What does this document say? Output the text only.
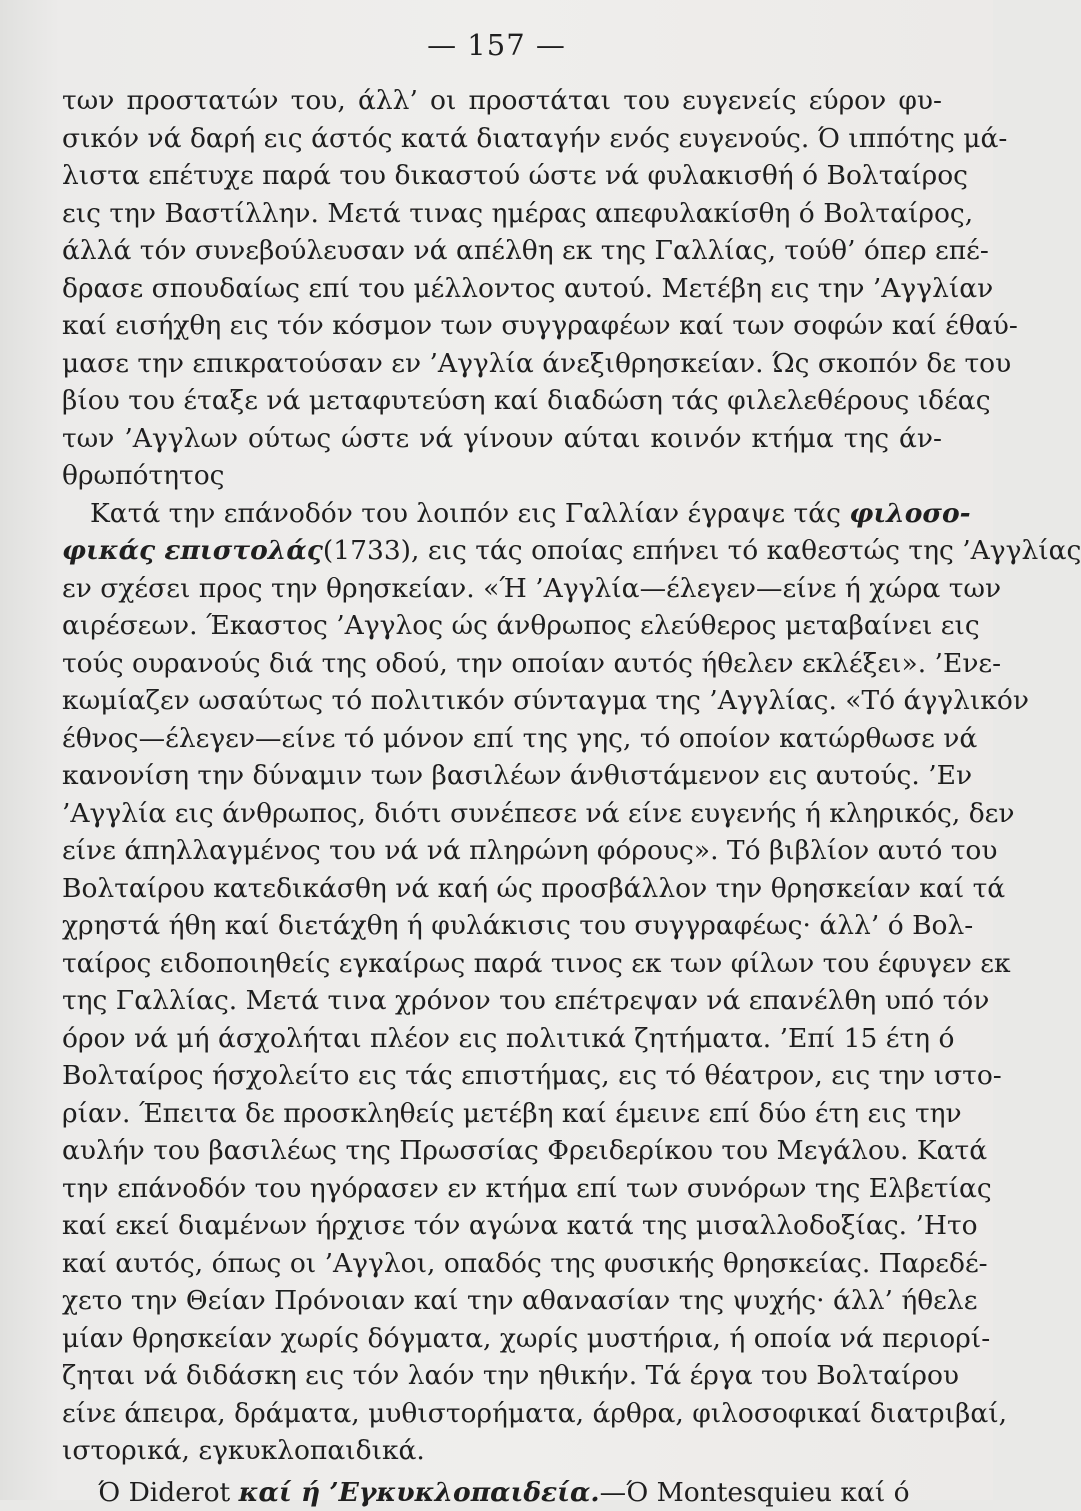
— 157 —
των προστατών του, άλλ’ οι προστάται του ευγενείς εύρον φυ-
σικόν νά δαρή εις άστός κατά διαταγήν ενός ευγενούς. Ό ιππότης μά-
λιστα επέτυχε παρά του δικαστού ώστε νά φυλακισθή ό Βολταίρος
εις την Βαστίλλην. Μετά τινας ημέρας απεφυλακίσθη ό Βολταίρος,
άλλά τόν συνεβούλευσαν νά απέλθη εκ της Γαλλίας, τούθ’ όπερ επέ-
δρασε σπουδαίως επί του μέλλοντος αυτού. Μετέβη εις την ’Αγγλίαν
καί εισήχθη εις τόν κόσμον των συγγραφέων καί των σοφών καί έθαύ-
μασε την επικρατούσαν εν ’Αγγλία άνεξιθρησκείαν. Ώς σκοπόν δε του
βίου του έταξε νά μεταφυτεύση καί διαδώση τάς φιλελεθέρους ιδέας
των ’Αγγλων ούτως ώστε νά γίνουν αύται κοινόν κτήμα της άν-
θρωπότητος
Κατά την επάνοδόν του λοιπόν εις Γαλλίαν έγραψε τάς φιλοσο-
φικάς επιστολάς(1733), εις τάς οποίας επήνει τό καθεστώς της ’Αγγλίας
εν σχέσει προς την θρησκείαν. «Ή ’Αγγλία—έλεγεν—είνε ή χώρα των
αιρέσεων. Έκαστος ’Αγγλος ώς άνθρωπος ελεύθερος μεταβαίνει εις
τούς ουρανούς διά της οδού, την οποίαν αυτός ήθελεν εκλέξει». ’Ενε-
κωμίαζεν ωσαύτως τό πολιτικόν σύνταγμα της ’Αγγλίας. «Τό άγγλικόν
έθνος—έλεγεν—είνε τό μόνον επί της γης, τό οποίον κατώρθωσε νά
κανονίση την δύναμιν των βασιλέων άνθιστάμενον εις αυτούς. ’Εν
’Αγγλία εις άνθρωπος, διότι συνέπεσε νά είνε ευγενής ή κληρικός, δεν
είνε άπηλλαγμένος του νά νά πληρώνη φόρους». Τό βιβλίον αυτό του
Βολταίρου κατεδικάσθη νά καή ώς προσβάλλον την θρησκείαν καί τά
χρηστά ήθη καί διετάχθη ή φυλάκισις του συγγραφέως· άλλ’ ό Βολ-
ταίρος ειδοποιηθείς εγκαίρως παρά τινος εκ των φίλων του έφυγεν εκ
της Γαλλίας. Μετά τινα χρόνον του επέτρεψαν νά επανέλθη υπό τόν
όρον νά μή άσχολήται πλέον εις πολιτικά ζητήματα. ’Επί 15 έτη ό
Βολταίρος ήσχολείτο εις τάς επιστήμας, εις τό θέατρον, εις την ιστο-
ρίαν. Έπειτα δε προσκληθείς μετέβη καί έμεινε επί δύο έτη εις την
αυλήν του βασιλέως της Πρωσσίας Φρειδερίκου του Μεγάλου. Κατά
την επάνοδόν του ηγόρασεν εν κτήμα επί των συνόρων της Ελβετίας
καί εκεί διαμένων ήρχισε τόν αγώνα κατά της μισαλλοδοξίας. ’Ητο
καί αυτός, όπως οι ’Αγγλοι, οπαδός της φυσικής θρησκείας. Παρεδέ-
χετο την Θείαν Πρόνοιαν καί την αθανασίαν της ψυχής· άλλ’ ήθελε
μίαν θρησκείαν χωρίς δόγματα, χωρίς μυστήρια, ή οποία νά περιορί-
ζηται νά διδάσκη εις τόν λαόν την ηθικήν. Τά έργα του Βολταίρου
είνε άπειρα, δράματα, μυθιστορήματα, άρθρα, φιλοσοφικαί διατριβαί,
ιστορικά, εγκυκλοπαιδικά.
Ό Diderot καί ή ’Εγκυκλοπαιδεία.—Ό Montesquieu καί ό
